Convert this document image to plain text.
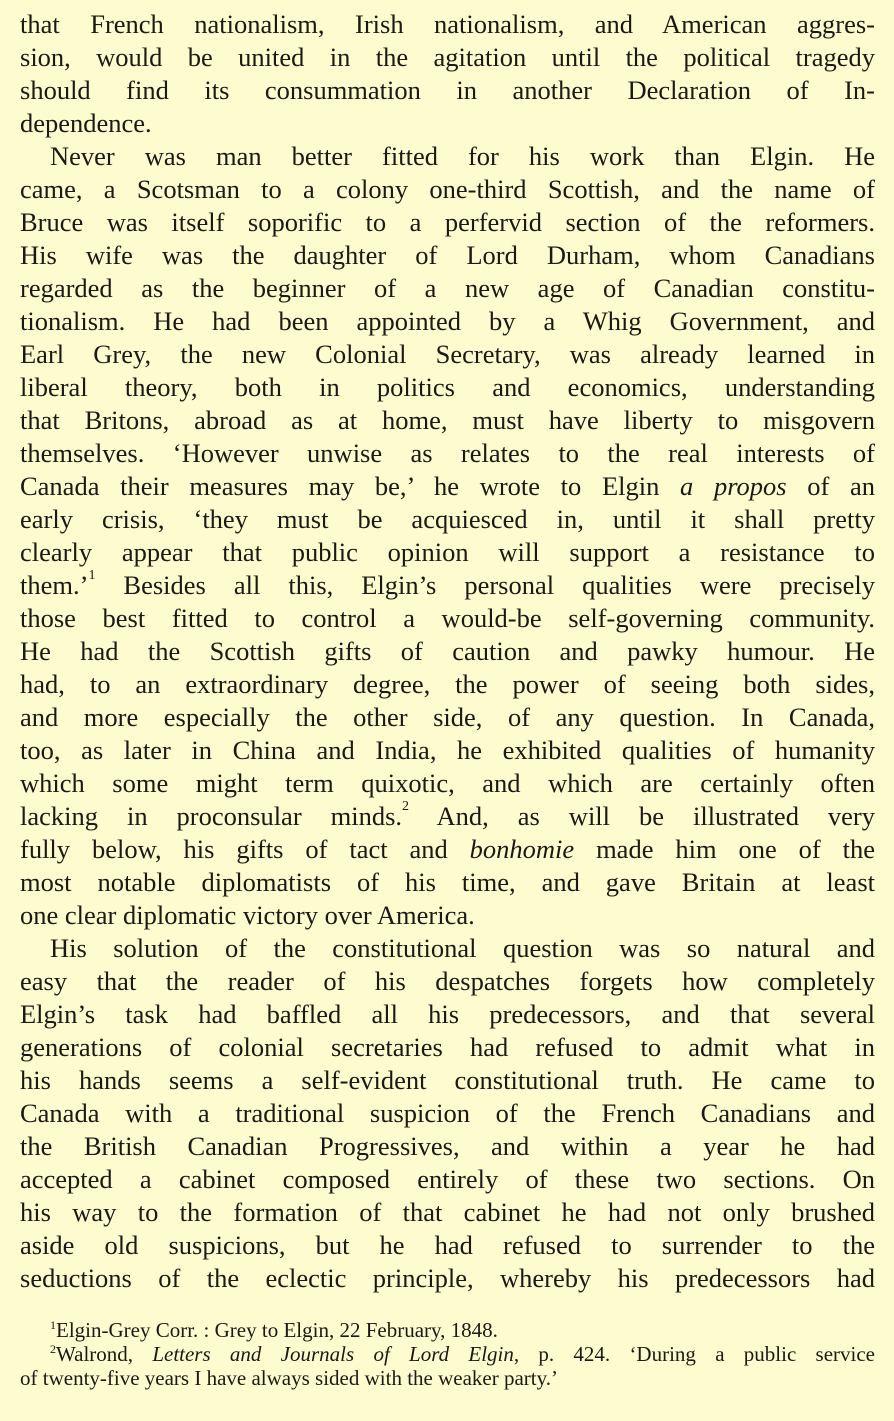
that French nationalism, Irish nationalism, and American aggres-
sion, would be united in the agitation until the political tragedy
should find its consummation in another Declaration of In-
dependence.
Never was man better fitted for his work than Elgin. He
came, a Scotsman to a colony one-third Scottish, and the name of
Bruce was itself soporific to a perfervid section of the reformers.
His wife was the daughter of Lord Durham, whom Canadians
regarded as the beginner of a new age of Canadian constitu-
tionalism. He had been appointed by a Whig Government, and
Earl Grey, the new Colonial Secretary, was already learned in
liberal theory, both in politics and economics, understanding
that Britons, abroad as at home, must have liberty to misgovern
themselves. ‘However unwise as relates to the real interests of
Canada their measures may be,’ he wrote to Elgin a propos of an
early crisis, ‘they must be acquiesced in, until it shall pretty
clearly appear that public opinion will support a resistance to
them.’$^1$ Besides all this, Elgin’s personal qualities were precisely
those best fitted to control a would-be self-governing community.
He had the Scottish gifts of caution and pawky humour. He
had, to an extraordinary degree, the power of seeing both sides,
and more especially the other side, of any question. In Canada,
too, as later in China and India, he exhibited qualities of humanity
which some might term quixotic, and which are certainly often
lacking in proconsular minds.$^2$ And, as will be illustrated very
fully below, his gifts of tact and bonhomie made him one of the
most notable diplomatists of his time, and gave Britain at least
one clear diplomatic victory over America.
His solution of the constitutional question was so natural and
easy that the reader of his despatches forgets how completely
Elgin’s task had baffled all his predecessors, and that several
generations of colonial secretaries had refused to admit what in
his hands seems a self-evident constitutional truth. He came to
Canada with a traditional suspicion of the French Canadians and
the British Canadian Progressives, and within a year he had
accepted a cabinet composed entirely of these two sections. On
his way to the formation of that cabinet he had not only brushed
aside old suspicions, but he had refused to surrender to the
seductions of the eclectic principle, whereby his predecessors had
$^1$Elgin-Grey Corr. : Grey to Elgin, 22 February, 1848.
$^2$Walrond, Letters and Journals of Lord Elgin, p. 424. ‘During a public service
of twenty-five years I have always sided with the weaker party.’
